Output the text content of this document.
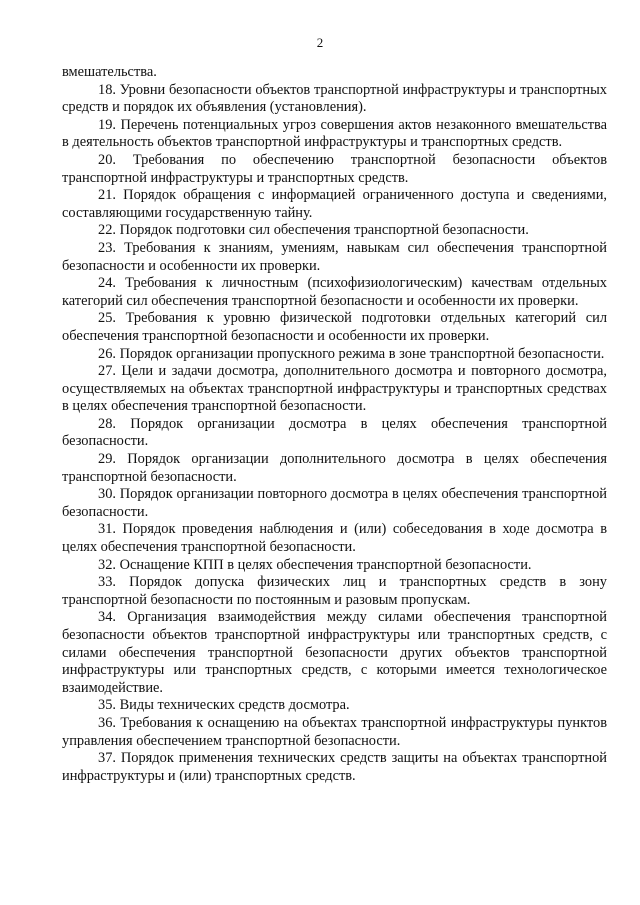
2

вмешательства.

18. Уровни безопасности объектов транспортной инфраструктуры и транспортных средств и порядок их объявления (установления).

19. Перечень потенциальных угроз совершения актов незаконного вмешательства в деятельность объектов транспортной инфраструктуры и транспортных средств.

20. Требования по обеспечению транспортной безопасности объектов транспортной инфраструктуры и транспортных средств.

21. Порядок обращения с информацией ограниченного доступа и сведениями, составляющими государственную тайну.

22. Порядок подготовки сил обеспечения транспортной безопасности.

23. Требования к знаниям, умениям, навыкам сил обеспечения транспортной безопасности и особенности их проверки.

24. Требования к личностным (психофизиологическим) качествам отдельных категорий сил обеспечения транспортной безопасности и особенности их проверки.

25. Требования к уровню физической подготовки отдельных категорий сил обеспечения транспортной безопасности и особенности их проверки.

26. Порядок организации пропускного режима в зоне транспортной безопасности.

27. Цели и задачи досмотра, дополнительного досмотра и повторного досмотра, осуществляемых на объектах транспортной инфраструктуры и транспортных средствах в целях обеспечения транспортной безопасности.

28. Порядок организации досмотра в целях обеспечения транспортной безопасности.

29. Порядок организации дополнительного досмотра в целях обеспечения транспортной безопасности.

30. Порядок организации повторного досмотра в целях обеспечения транспортной безопасности.

31. Порядок проведения наблюдения и (или) собеседования в ходе досмотра в целях обеспечения транспортной безопасности.

32. Оснащение КПП в целях обеспечения транспортной безопасности.

33. Порядок допуска физических лиц и транспортных средств в зону транспортной безопасности по постоянным и разовым пропускам.

34. Организация взаимодействия между силами обеспечения транспортной безопасности объектов транспортной инфраструктуры или транспортных средств, с силами обеспечения транспортной безопасности других объектов транспортной инфраструктуры или транспортных средств, с которыми имеется технологическое взаимодействие.

35. Виды технических средств досмотра.

36. Требования к оснащению на объектах транспортной инфраструктуры пунктов управления обеспечением транспортной безопасности.

37. Порядок применения технических средств защиты на объектах транспортной инфраструктуры и (или) транспортных средств.
